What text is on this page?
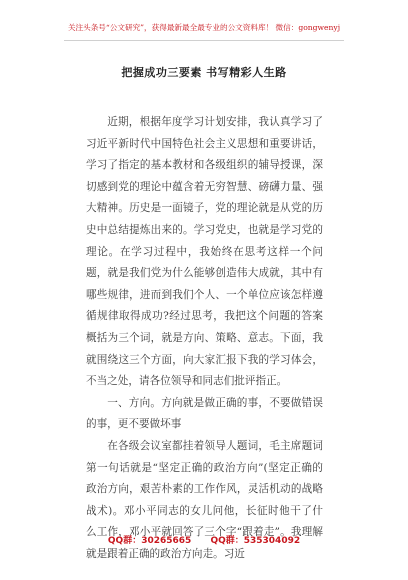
关注头条号“公文研究”，获得最新最全最专业的公文资料库！ 微信：gongwenyj
把握成功三要素 书写精彩人生路

近期，根据年度学习计划安排，我认真学习了习近平新时代中国特色社会主义思想和重要讲话，学习了指定的基本教材和各级组织的辅导授课，深切感到党的理论中蕴含着无穷智慧、磅礴力量、强大精神。历史是一面镜子，党的理论就是从党的历史中总结提炼出来的。学习党史，也就是学习党的理论。在学习过程中，我始终在思考这样一个问题，就是我们党为什么能够创造伟大成就，其中有哪些规律，进而到我们个人、一个单位应该怎样遵循规律取得成功?经过思考，我把这个问题的答案概括为三个词，就是方向、策略、意志。下面，我就围绕这三个方面，向大家汇报下我的学习体会，不当之处，请各位领导和同志们批评指正。

一、方向。方向就是做正确的事，不要做错误的事，更不要做坏事

在各级会议室都挂着领导人题词，毛主席题词第一句话就是“坚定正确的政治方向”(坚定正确的政治方向，艰苦朴素的工作作风，灵活机动的战略战术)。邓小平同志的女儿问他，长征时他干了什么工作，邓小平就回答了三个字“跟着走”。我理解就是跟着正确的政治方向走。习近

QQ群：30265665 QQ群：535304092
